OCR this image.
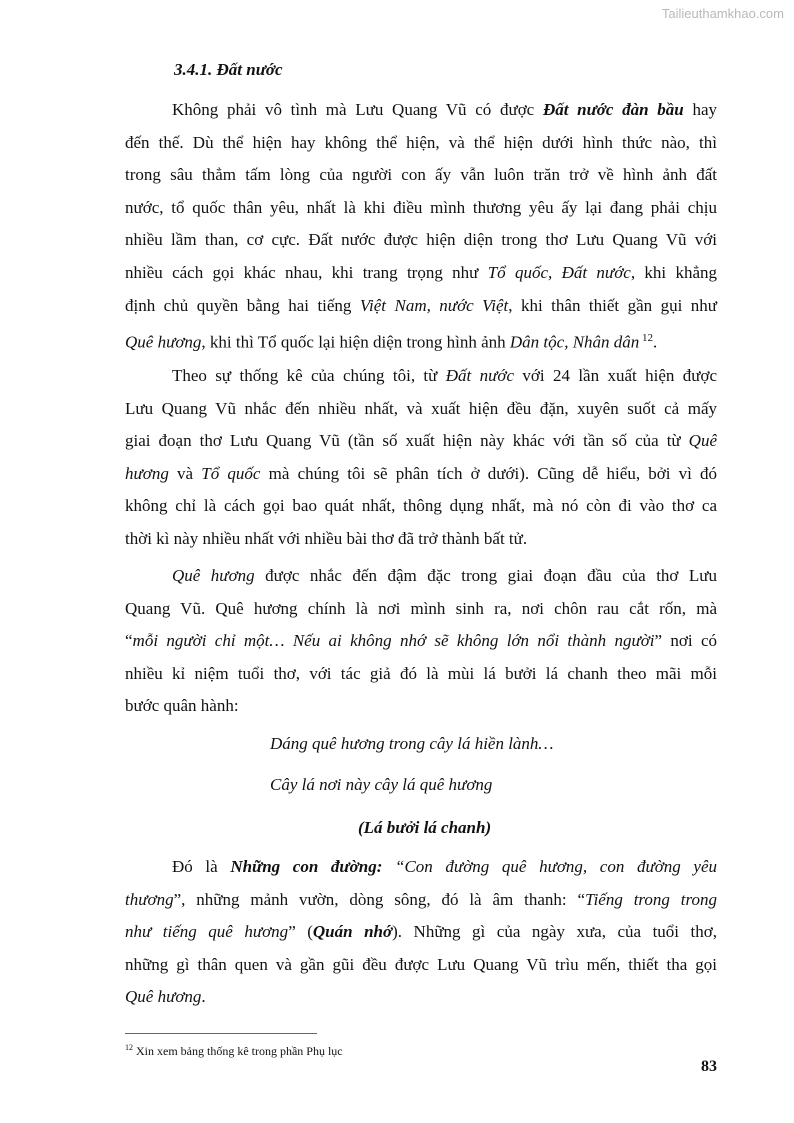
Tailieuthamkhao.com
3.4.1. Đất nước
Không phải vô tình mà Lưu Quang Vũ có được Đất nước đàn bầu hay
đến thế. Dù thể hiện hay không thể hiện, và thể hiện dưới hình thức nào, thì
trong sâu thẳm tấm lòng của người con ấy vẫn luôn trăn trở về hình ảnh đất
nước, tổ quốc thân yêu, nhất là khi điều mình thương yêu ấy lại đang phải chịu
nhiều lầm than, cơ cực. Đất nước được hiện diện trong thơ Lưu Quang Vũ với
nhiều cách gọi khác nhau, khi trang trọng như Tổ quốc, Đất nước, khi khẳng
định chủ quyền bằng hai tiếng Việt Nam, nước Việt, khi thân thiết gần gụi như
Quê hương, khi thì Tổ quốc lại hiện diện trong hình ảnh Dân tộc, Nhân dân $^{12}$.
Theo sự thống kê của chúng tôi, từ Đất nước với 24 lần xuất hiện được
Lưu Quang Vũ nhắc đến nhiều nhất, và xuất hiện đều đặn, xuyên suốt cả mấy
giai đoạn thơ Lưu Quang Vũ (tần số xuất hiện này khác với tần số của từ Quê
hương và Tổ quốc mà chúng tôi sẽ phân tích ở dưới). Cũng dễ hiểu, bởi vì đó
không chỉ là cách gọi bao quát nhất, thông dụng nhất, mà nó còn đi vào thơ ca
thời kì này nhiều nhất với nhiều bài thơ đã trở thành bất tử.
Quê hương được nhắc đến đậm đặc trong giai đoạn đầu của thơ Lưu
Quang Vũ. Quê hương chính là nơi mình sinh ra, nơi chôn rau cắt rốn, mà
“mỗi người chỉ một… Nếu ai không nhớ sẽ không lớn nổi thành người” nơi có
nhiều kỉ niệm tuổi thơ, với tác giả đó là mùi lá bưởi lá chanh theo mãi mỗi
bước quân hành:
Dáng quê hương trong cây lá hiền lành…
Cây lá nơi này cây lá quê hương
(Lá bưởi lá chanh)
Đó là Những con đường: “Con đường quê hương, con đường yêu
thương”, những mảnh vườn, dòng sông, đó là âm thanh: “Tiếng trong trong
như tiếng quê hương” (Quán nhớ). Những gì của ngày xưa, của tuổi thơ,
những gì thân quen và gần gũi đều được Lưu Quang Vũ trìu mến, thiết tha gọi
Quê hương.
$^{12}$ Xin xem bảng thống kê trong phần Phụ lục
83
